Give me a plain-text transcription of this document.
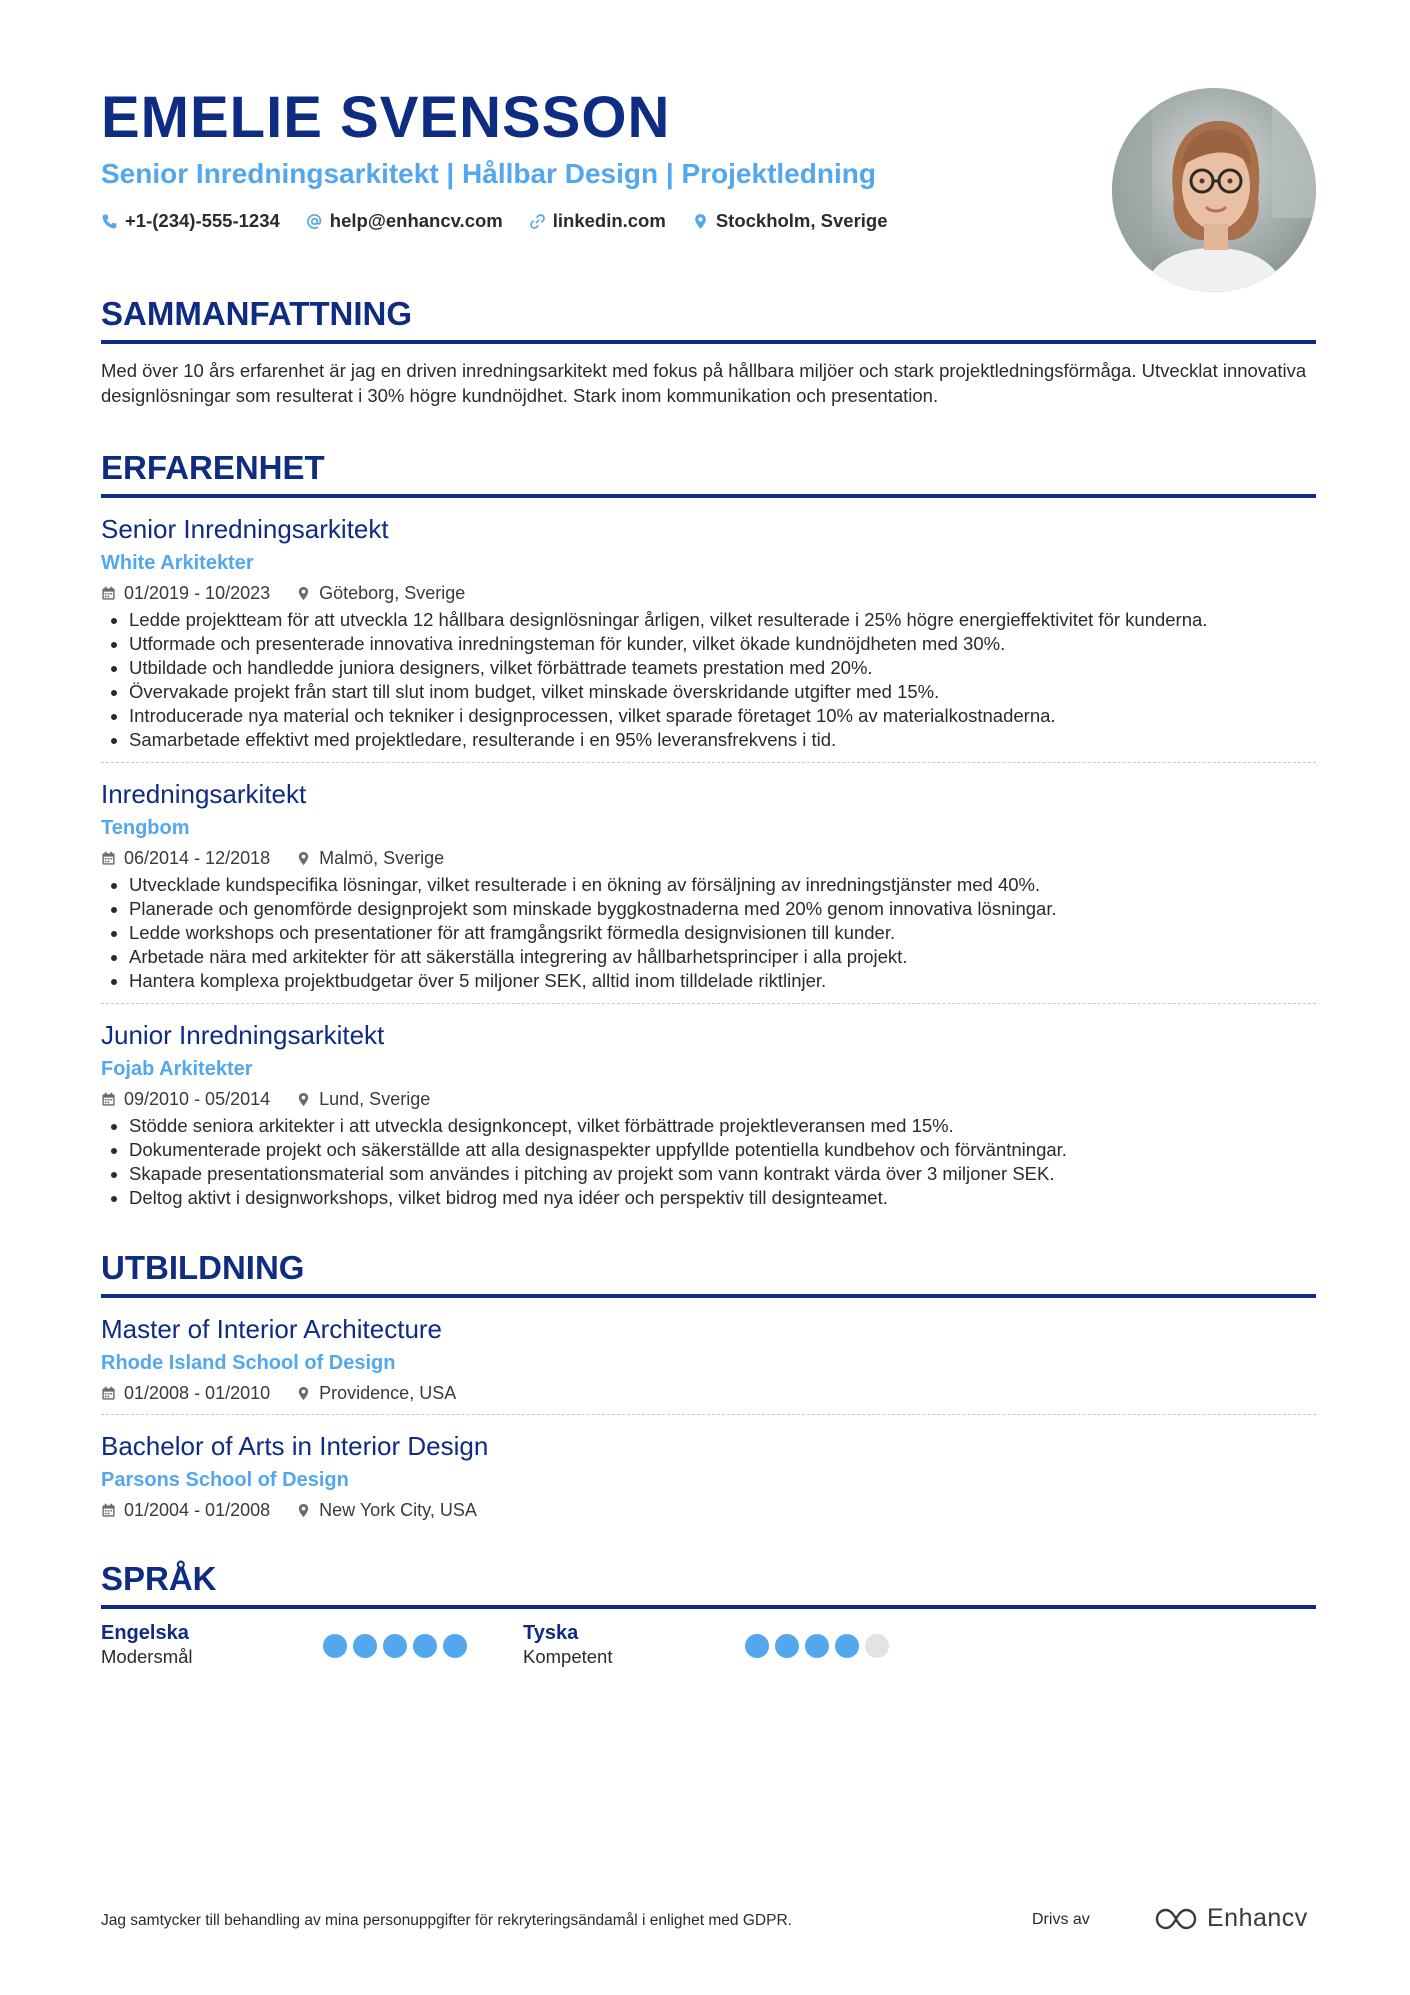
EMELIE SVENSSON
Senior Inredningsarkitekt | Hållbar Design | Projektledning
+1-(234)-555-1234	help@enhancv.com	linkedin.com	Stockholm, Sverige
SAMMANFATTNING
Med över 10 års erfarenhet är jag en driven inredningsarkitekt med fokus på hållbara miljöer och stark projektledningsförmåga. Utvecklat innovativa designlösningar som resulterat i 30% högre kundnöjdhet. Stark inom kommunikation och presentation.
ERFARENHET
Senior Inredningsarkitekt
White Arkitekter
01/2019 - 10/2023	Göteborg, Sverige
• Ledde projektteam för att utveckla 12 hållbara designlösningar årligen, vilket resulterade i 25% högre energieffektivitet för kunderna.
• Utformade och presenterade innovativa inredningsteman för kunder, vilket ökade kundnöjdheten med 30%.
• Utbildade och handledde juniora designers, vilket förbättrade teamets prestation med 20%.
• Övervakade projekt från start till slut inom budget, vilket minskade överskridande utgifter med 15%.
• Introducerade nya material och tekniker i designprocessen, vilket sparade företaget 10% av materialkostnaderna.
• Samarbetade effektivt med projektledare, resulterande i en 95% leveransfrekvens i tid.
Inredningsarkitekt
Tengbom
06/2014 - 12/2018	Malmö, Sverige
• Utvecklade kundspecifika lösningar, vilket resulterade i en ökning av försäljning av inredningstjänster med 40%.
• Planerade och genomförde designprojekt som minskade byggkostnaderna med 20% genom innovativa lösningar.
• Ledde workshops och presentationer för att framgångsrikt förmedla designvisionen till kunder.
• Arbetade nära med arkitekter för att säkerställa integrering av hållbarhetsprinciper i alla projekt.
• Hantera komplexa projektbudgetar över 5 miljoner SEK, alltid inom tilldelade riktlinjer.
Junior Inredningsarkitekt
Fojab Arkitekter
09/2010 - 05/2014	Lund, Sverige
• Stödde seniora arkitekter i att utveckla designkoncept, vilket förbättrade projektleveransen med 15%.
• Dokumenterade projekt och säkerställde att alla designaspekter uppfyllde potentiella kundbehov och förväntningar.
• Skapade presentationsmaterial som användes i pitching av projekt som vann kontrakt värda över 3 miljoner SEK.
• Deltog aktivt i designworkshops, vilket bidrog med nya idéer och perspektiv till designteamet.
UTBILDNING
Master of Interior Architecture
Rhode Island School of Design
01/2008 - 01/2010	Providence, USA
Bachelor of Arts in Interior Design
Parsons School of Design
01/2004 - 01/2008	New York City, USA
SPRÅK
Engelska
Modersmål
Tyska
Kompetent
Jag samtycker till behandling av mina personuppgifter för rekryteringsändamål i enlighet med GDPR.	Drivs av	Enhancv
